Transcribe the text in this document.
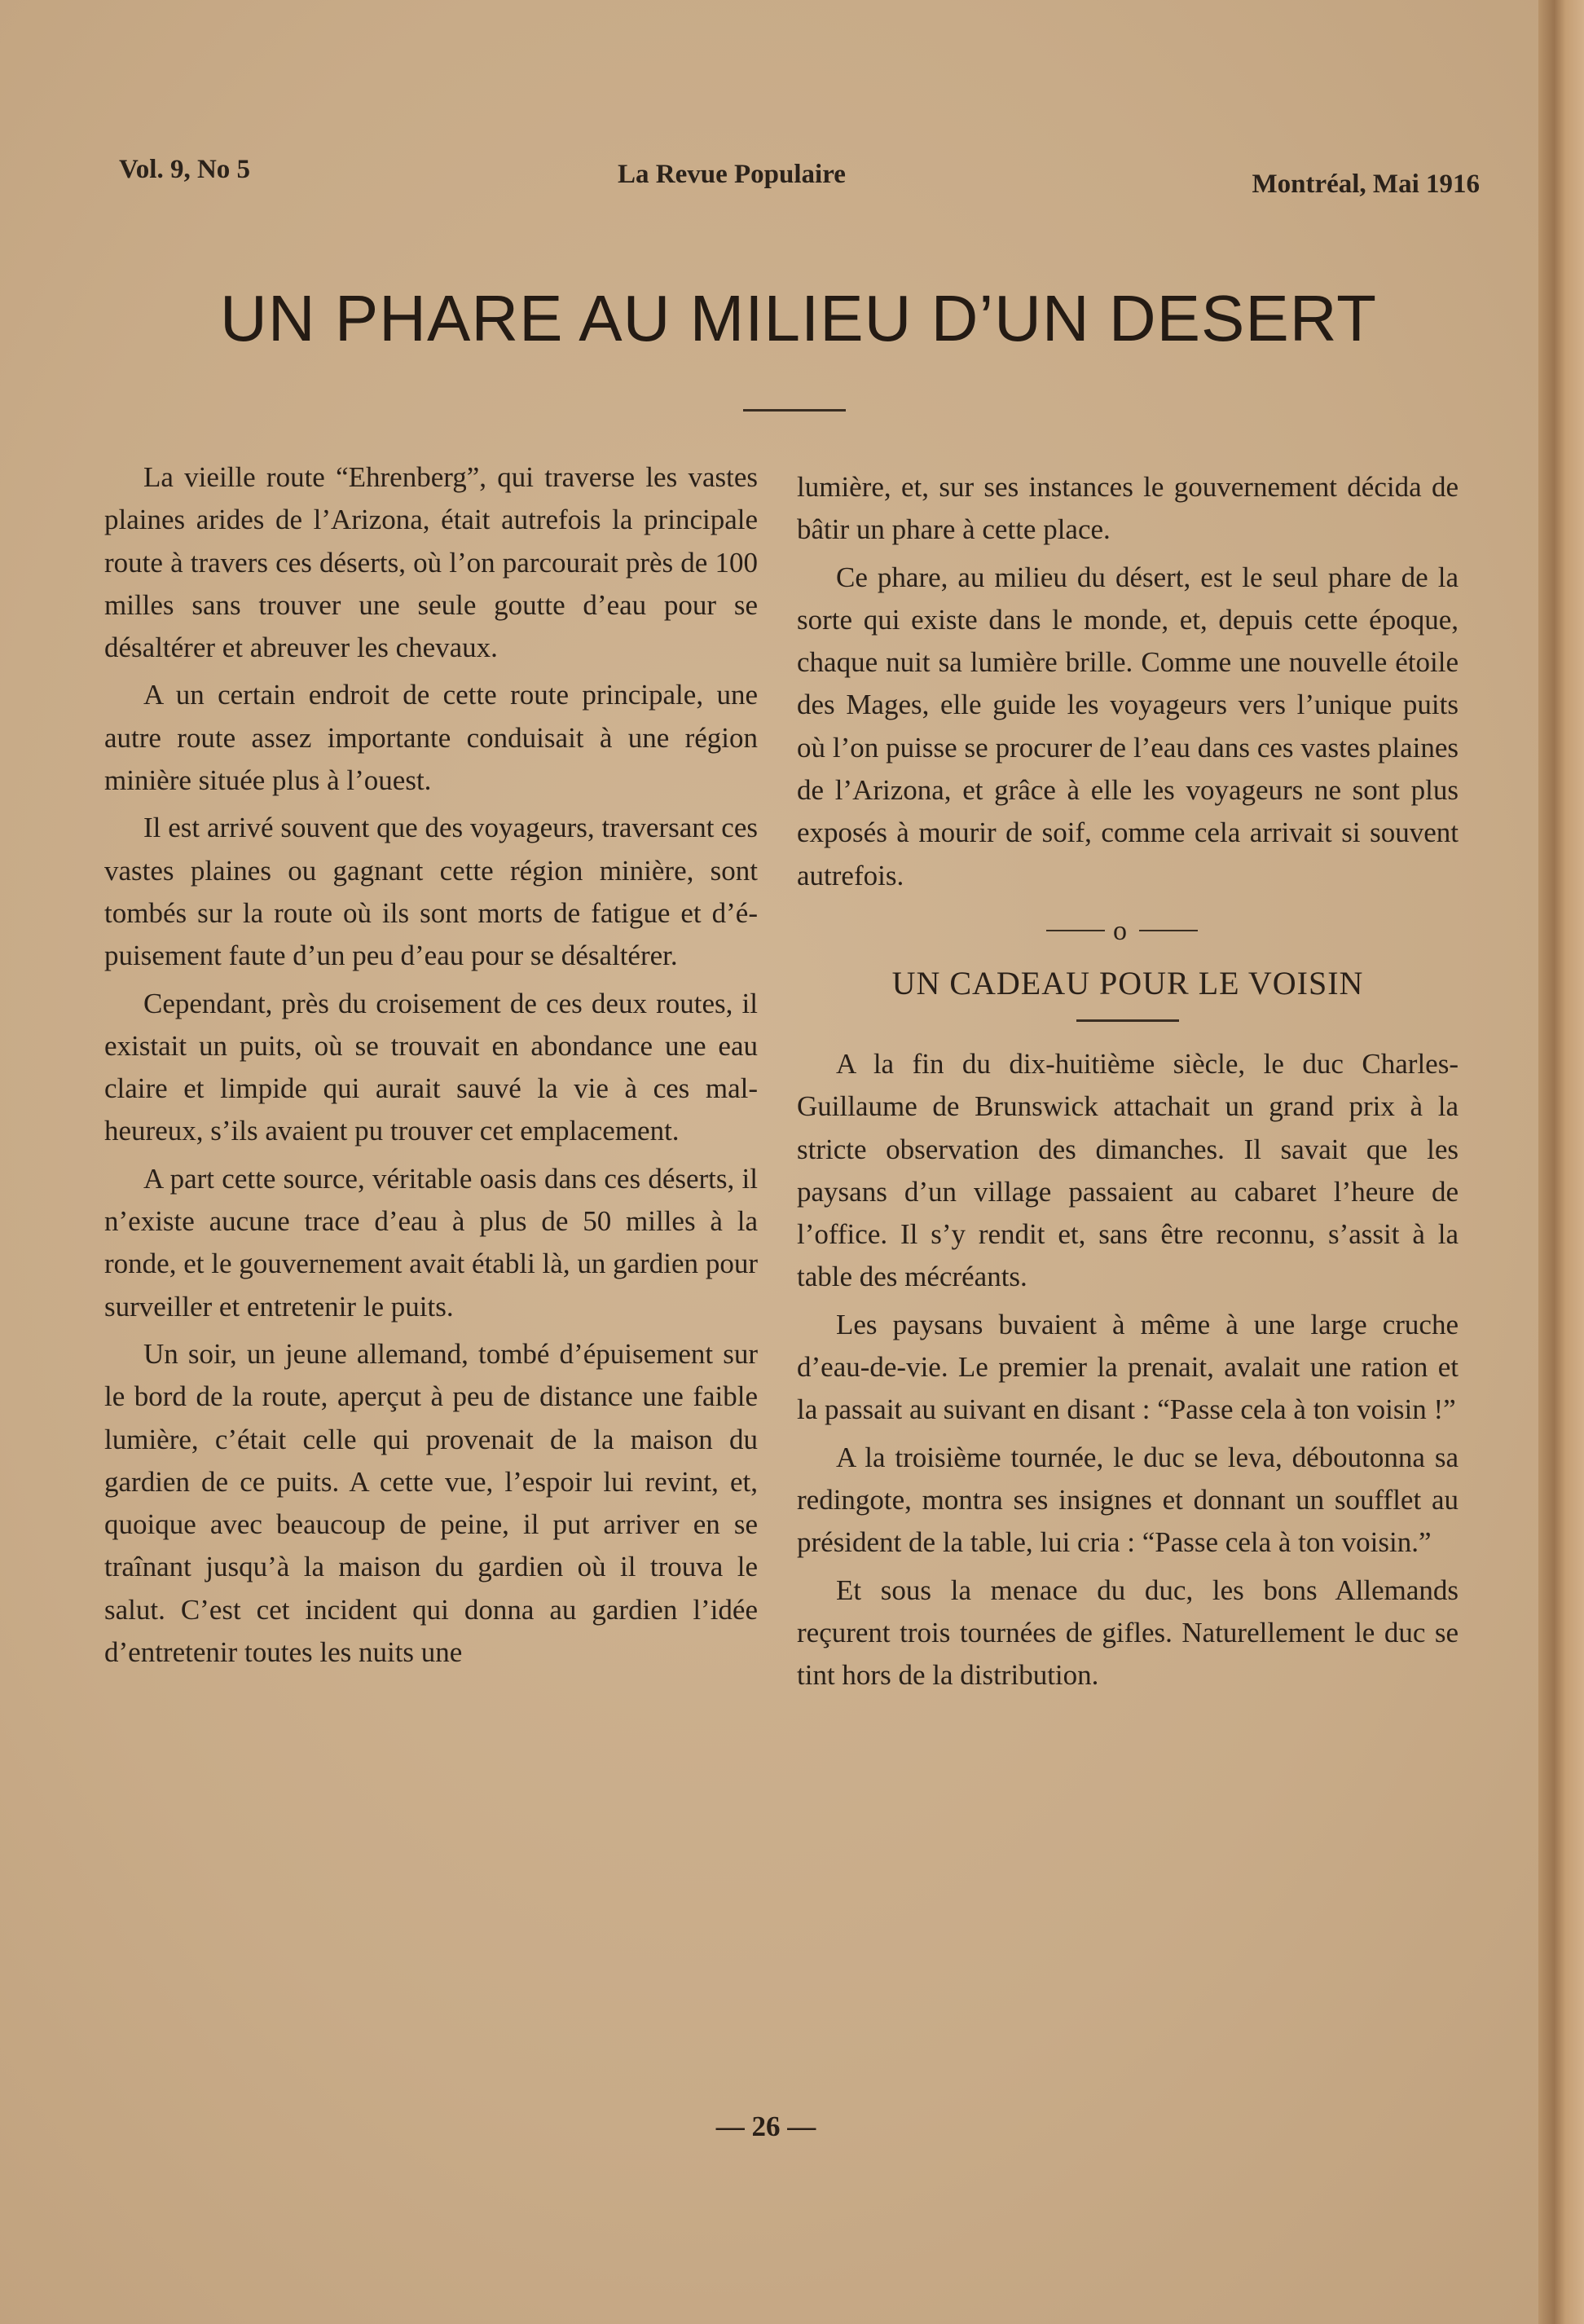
Vol. 9, No 5	La Revue Populaire	Montréal, Mai 1916
UN PHARE AU MILIEU D’UN DESERT

La vieille route “Ehrenberg”, qui traverse les vastes plaines arides de l’Arizona, était autrefois la principale route à travers ces déserts, où l’on parcourait près de 100 milles sans trouver une seule goutte d’eau pour se désaltérer et abreuver les chevaux.

A un certain endroit de cette route principale, une autre route assez importante conduisait à une région minière située plus à l’ouest.

Il est arrivé souvent que des voyageurs, traversant ces vastes plaines ou gagnant cette région minière, sont tombés sur la route où ils sont morts de fatigue et d’épuisement faute d’un peu d’eau pour se désaltérer.

Cependant, près du croisement de ces deux routes, il existait un puits, où se trouvait en abondance une eau claire et limpide qui aurait sauvé la vie à ces malheureux, s’ils avaient pu trouver cet emplacement.

A part cette source, véritable oasis dans ces déserts, il n’existe aucune trace d’eau à plus de 50 milles à la ronde, et le gouvernement avait établi là, un gardien pour surveiller et entretenir le puits.

Un soir, un jeune allemand, tombé d’épuisement sur le bord de la route, aperçut à peu de distance une faible lumière, c’était celle qui provenait de la maison du gardien de ce puits. A cette vue, l’espoir lui revint, et, quoique avec beaucoup de peine, il put arriver en se traînant jusqu’à la maison du gardien où il trouva le salut. C’est cet incident qui donna au gardien l’idée d’entretenir toutes les nuits une

lumière, et, sur ses instances le gouvernement décida de bâtir un phare à cette place.

Ce phare, au milieu du désert, est le seul phare de la sorte qui existe dans le monde, et, depuis cette époque, chaque nuit sa lumière brille. Comme une nouvelle étoile des Mages, elle guide les voyageurs vers l’unique puits où l’on puisse se procurer de l’eau dans ces vastes plaines de l’Arizona, et grâce à elle les voyageurs ne sont plus exposés à mourir de soif, comme cela arrivait si souvent autrefois.

o
UN CADEAU POUR LE VOISIN

A la fin du dix-huitième siècle, le duc Charles-Guillaume de Brunswick attachait un grand prix à la stricte observation des dimanches. Il savait que les paysans d’un village passaient au cabaret l’heure de l’office. Il s’y rendit et, sans être reconnu, s’assit à la table des mécréants.

Les paysans buvaient à même à une large cruche d’eau-de-vie. Le premier la prenait, avalait une ration et la passait au suivant en disant : “Passe cela à ton voisin !”

A la troisième tournée, le duc se leva, déboutonna sa redingote, montra ses insignes et donnant un soufflet au président de la table, lui cria : “Passe cela à ton voisin.”

Et sous la menace du duc, les bons Allemands reçurent trois tournées de gifles. Naturellement le duc se tint hors de la distribution.

— 26 —
